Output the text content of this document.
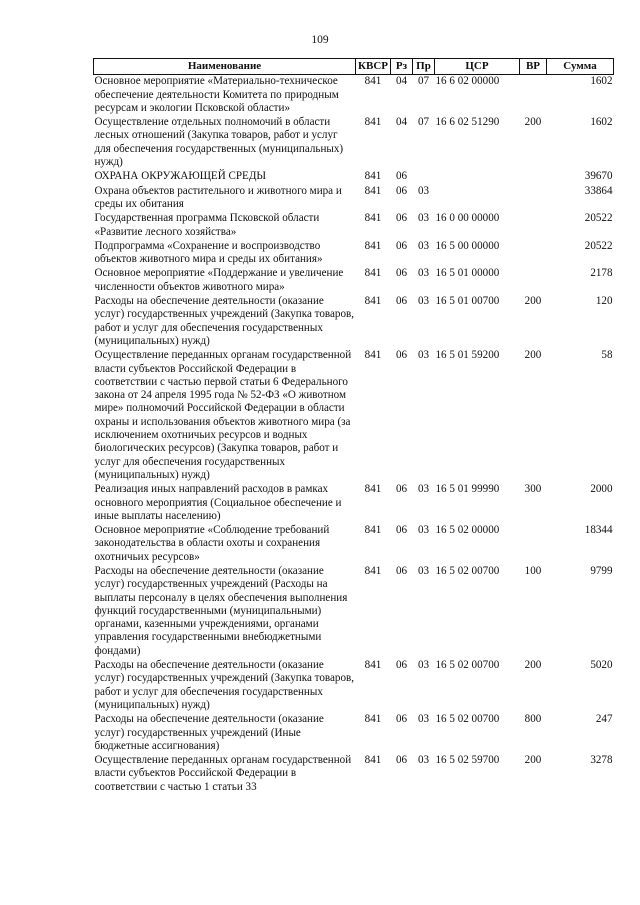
109
Наименование	КВСР	Рз	Пр	ЦСР	ВР	Сумма
Основное мероприятие «Материально-техническое обеспечение деятельности Комитета по природным ресурсам и экологии Псковской области»	841	04	07	16 6 02 00000		1602
Осуществление отдельных полномочий в области лесных отношений (Закупка товаров, работ и услуг для обеспечения государственных (муниципальных) нужд)	841	04	07	16 6 02 51290	200	1602
ОХРАНА ОКРУЖАЮЩЕЙ СРЕДЫ	841	06				39670
Охрана объектов растительного и животного мира и среды их обитания	841	06	03			33864
Государственная программа Псковской области «Развитие лесного хозяйства»	841	06	03	16 0 00 00000		20522
Подпрограмма «Сохранение и воспроизводство объектов животного мира и среды их обитания»	841	06	03	16 5 00 00000		20522
Основное мероприятие «Поддержание и увеличение численности объектов животного мира»	841	06	03	16 5 01 00000		2178
Расходы на обеспечение деятельности (оказание услуг) государственных учреждений (Закупка товаров, работ и услуг для обеспечения государственных (муниципальных) нужд)	841	06	03	16 5 01 00700	200	120
Осуществление переданных органам государственной власти субъектов Российской Федерации в соответствии с частью первой статьи 6 Федерального закона от 24 апреля 1995 года № 52-ФЗ «О животном мире» полномочий Российской Федерации в области охраны и использования объектов животного мира (за исключением охотничьих ресурсов и водных биологических ресурсов) (Закупка товаров, работ и услуг для обеспечения государственных (муниципальных) нужд)	841	06	03	16 5 01 59200	200	58
Реализация иных направлений расходов в рамках основного мероприятия (Социальное обеспечение и иные выплаты населению)	841	06	03	16 5 01 99990	300	2000
Основное мероприятие «Соблюдение требований законодательства в области охоты и сохранения охотничьих ресурсов»	841	06	03	16 5 02 00000		18344
Расходы на обеспечение деятельности (оказание услуг) государственных учреждений (Расходы на выплаты персоналу в целях обеспечения выполнения функций государственными (муниципальными) органами, казенными учреждениями, органами управления государственными внебюджетными фондами)	841	06	03	16 5 02 00700	100	9799
Расходы на обеспечение деятельности (оказание услуг) государственных учреждений (Закупка товаров, работ и услуг для обеспечения государственных (муниципальных) нужд)	841	06	03	16 5 02 00700	200	5020
Расходы на обеспечение деятельности (оказание услуг) государственных учреждений (Иные бюджетные ассигнования)	841	06	03	16 5 02 00700	800	247
Осуществление переданных органам государственной власти субъектов Российской Федерации в соответствии с частью 1 статьи 33	841	06	03	16 5 02 59700	200	3278
